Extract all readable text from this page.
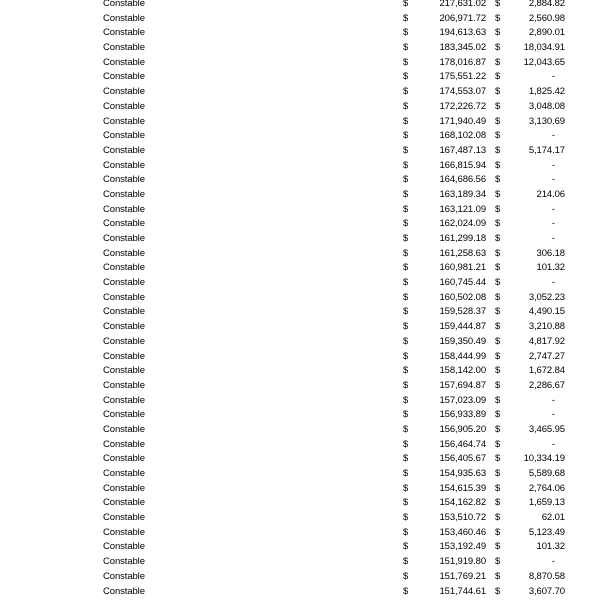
Constable	$	217,631.02 $	2,884.82
Constable	$	206,971.72 $	2,560.98
Constable	$	194,613.63 $	2,890.01
Constable	$	183,345.02 $	18,034.91
Constable	$	178,016.87 $	12,043.65
Constable	$	175,551.22 $	-
Constable	$	174,553.07 $	1,825.42
Constable	$	172,226.72 $	3,048.08
Constable	$	171,940.49 $	3,130.69
Constable	$	168,102.08 $	-
Constable	$	167,487.13 $	5,174.17
Constable	$	166,815.94 $	-
Constable	$	164,686.56 $	-
Constable	$	163,189.34 $	214.06
Constable	$	163,121.09 $	-
Constable	$	162,024.09 $	-
Constable	$	161,299.18 $	-
Constable	$	161,258.63 $	306.18
Constable	$	160,981.21 $	101.32
Constable	$	160,745.44 $	-
Constable	$	160,502.08 $	3,052.23
Constable	$	159,528.37 $	4,490.15
Constable	$	159,444.87 $	3,210.88
Constable	$	159,350.49 $	4,817.92
Constable	$	158,444.99 $	2,747.27
Constable	$	158,142.00 $	1,672.84
Constable	$	157,694.87 $	2,286.67
Constable	$	157,023.09 $	-
Constable	$	156,933.89 $	-
Constable	$	156,905.20 $	3,465.95
Constable	$	156,464.74 $	-
Constable	$	156,405.67 $	10,334.19
Constable	$	154,935.63 $	5,589.68
Constable	$	154,615.39 $	2,764.06
Constable	$	154,162.82 $	1,659.13
Constable	$	153,510.72 $	62.01
Constable	$	153,460.46 $	5,123.49
Constable	$	153,192.49 $	101.32
Constable	$	151,919.80 $	-
Constable	$	151,769.21 $	8,870.58
Constable	$	151,744.61 $	3,607.70
